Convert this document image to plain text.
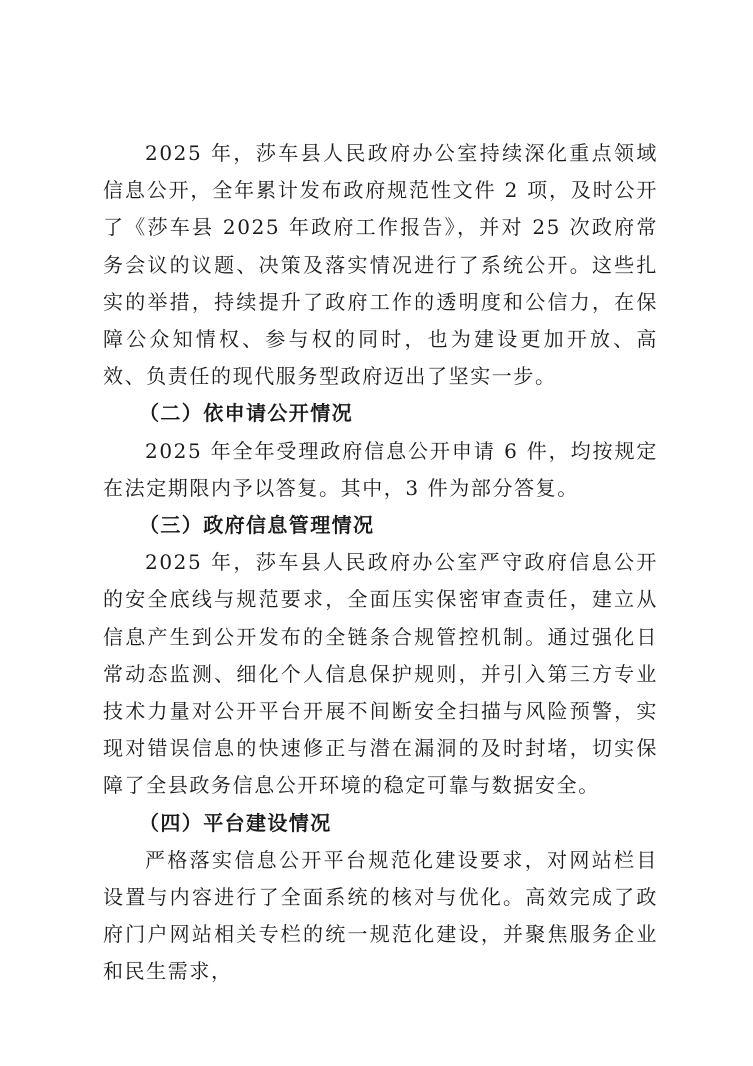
2025 年，莎车县人民政府办公室持续深化重点领域信息公开，全年累计发布政府规范性文件 2 项，及时公开了《莎车县 2025 年政府工作报告》，并对 25 次政府常务会议的议题、决策及落实情况进行了系统公开。这些扎实的举措，持续提升了政府工作的透明度和公信力，在保障公众知情权、参与权的同时，也为建设更加开放、高效、负责任的现代服务型政府迈出了坚实一步。

（二）依申请公开情况

2025 年全年受理政府信息公开申请 6 件，均按规定在法定期限内予以答复。其中，3 件为部分答复。

（三）政府信息管理情况

2025 年，莎车县人民政府办公室严守政府信息公开的安全底线与规范要求，全面压实保密审查责任，建立从信息产生到公开发布的全链条合规管控机制。通过强化日常动态监测、细化个人信息保护规则，并引入第三方专业技术力量对公开平台开展不间断安全扫描与风险预警，实现对错误信息的快速修正与潜在漏洞的及时封堵，切实保障了全县政务信息公开环境的稳定可靠与数据安全。

（四）平台建设情况

严格落实信息公开平台规范化建设要求，对网站栏目设置与内容进行了全面系统的核对与优化。高效完成了政府门户网站相关专栏的统一规范化建设，并聚焦服务企业和民生需求，
